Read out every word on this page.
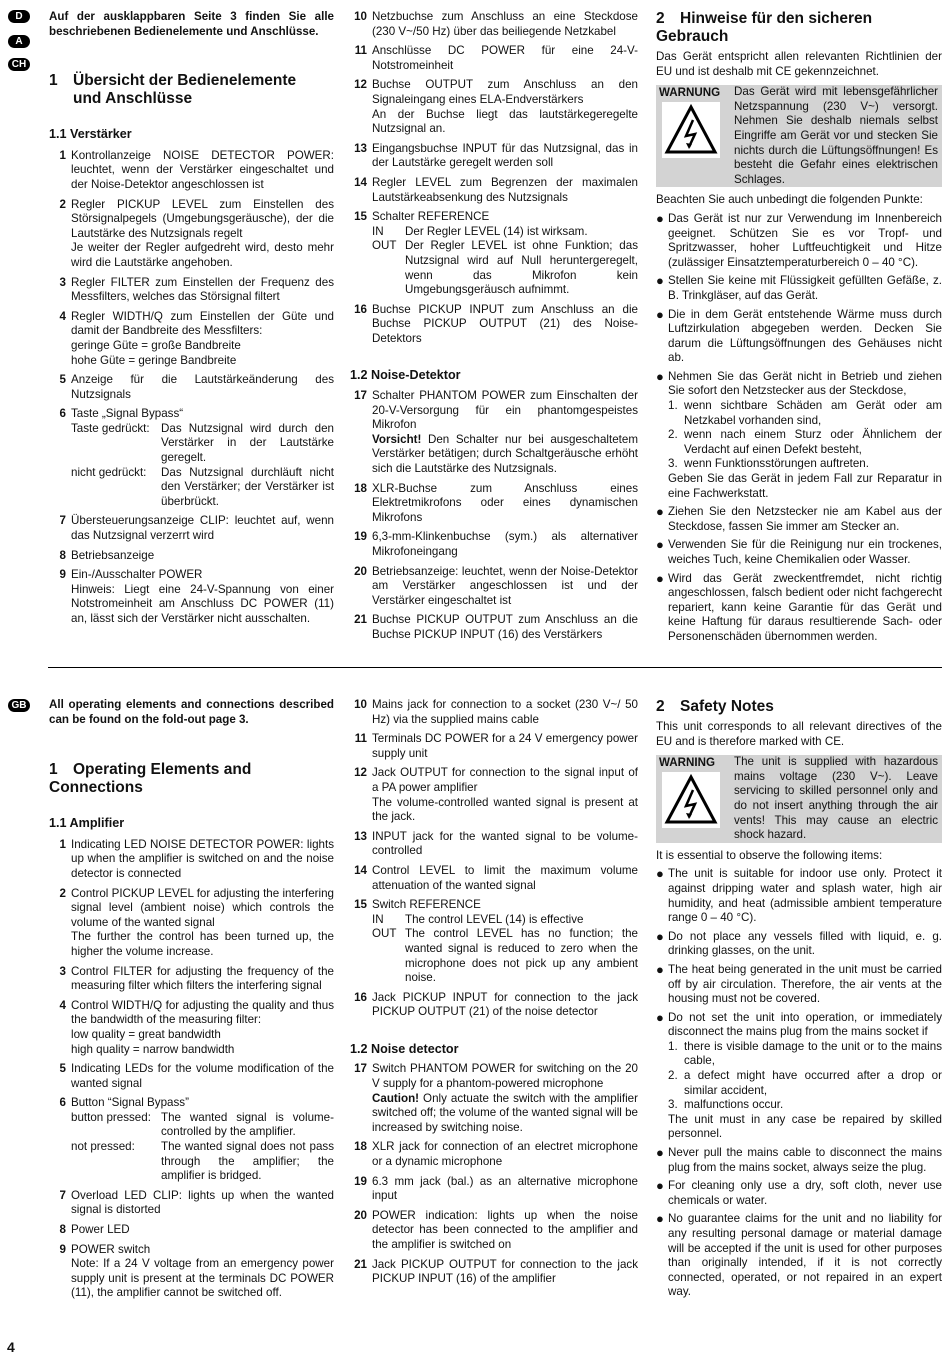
D
A
CH
Auf der ausklappbaren Seite 3 finden Sie alle beschriebenen Bedienelemente und Anschlüsse.
1 Übersicht der Bedienelemente
und Anschlüsse
1.1 Verstärker
1 Kontrollanzeige NOISE DETECTOR POWER: leuchtet, wenn der Verstärker eingeschaltet und der Noise-Detektor angeschlossen ist
2 Regler PICKUP LEVEL zum Einstellen des Störsignalpegels (Umgebungsgeräusche), der die Lautstärke des Nutzsignals regelt
Je weiter der Regler aufgedreht wird, desto mehr wird die Lautstärke angehoben.
3 Regler FILTER zum Einstellen der Frequenz des Messfilters, welches das Störsignal filtert
4 Regler WIDTH/Q zum Einstellen der Güte und damit der Bandbreite des Messfilters:
geringe Güte = große Bandbreite
hohe Güte = geringe Bandbreite
5 Anzeige für die Lautstärkeänderung des Nutzsignals
6 Taste „Signal Bypass“
Taste gedrückt: Das Nutzsignal wird durch den Verstärker in der Lautstärke geregelt.
nicht gedrückt:	Das Nutzsignal durchläuft nicht den Verstärker; der Verstärker ist überbrückt.
7 Übersteuerungsanzeige CLIP: leuchtet auf, wenn das Nutzsignal verzerrt wird
8 Betriebsanzeige
9 Ein-/Ausschalter POWER
Hinweis: Liegt eine 24-V-Spannung von einer Notstromeinheit am Anschluss DC POWER (11) an, lässt sich der Verstärker nicht ausschalten.
10 Netzbuchse zum Anschluss an eine Steckdose (230 V~/50 Hz) über das beiliegende Netzkabel
11 Anschlüsse DC POWER für eine 24-V-Notstromeinheit
12 Buchse OUTPUT zum Anschluss an den Signaleingang eines ELA-Endverstärkers
An der Buchse liegt das lautstärkegeregelte Nutzsignal an.
13 Eingangsbuchse INPUT für das Nutzsignal, das in der Lautstärke geregelt werden soll
14 Regler LEVEL zum Begrenzen der maximalen Lautstärkeabsenkung des Nutzsignals
15 Schalter REFERENCE
IN	Der Regler LEVEL (14) ist wirksam.
OUT Der Regler LEVEL ist ohne Funktion; das Nutzsignal wird auf Null heruntergeregelt, wenn das Mikrofon kein Umgebungsgeräusch aufnimmt.
16 Buchse PICKUP INPUT zum Anschluss an die Buchse PICKUP OUTPUT (21) des Noise-Detektors
1.2 Noise-Detektor
17 Schalter PHANTOM POWER zum Einschalten der 20-V-Versorgung für ein phantomgespeistes Mikrofon
Vorsicht! Den Schalter nur bei ausgeschaltetem Verstärker betätigen; durch Schaltgeräusche erhöht sich die Lautstärke des Nutzsignals.
18 XLR-Buchse zum Anschluss eines Elektretmikrofons oder eines dynamischen Mikrofons
19 6,3-mm-Klinkenbuchse (sym.) als alternativer Mikrofoneingang
20 Betriebsanzeige: leuchtet, wenn der Noise-Detektor am Verstärker angeschlossen ist und der Verstärker eingeschaltet ist
21 Buchse PICKUP OUTPUT zum Anschluss an die Buchse PICKUP INPUT (16) des Verstärkers
2 Hinweise für den sicheren Gebrauch
Das Gerät entspricht allen relevanten Richtlinien der EU und ist deshalb mit CE gekennzeichnet.
WARNUNG	Das Gerät wird mit lebensgefährlicher Netzspannung (230 V~) versorgt. Nehmen Sie deshalb niemals selbst Eingriffe am Gerät vor und stecken Sie nichts durch die Lüftungsöffnungen! Es besteht die Gefahr eines elektrischen Schlages.
Beachten Sie auch unbedingt die folgenden Punkte:
● Das Gerät ist nur zur Verwendung im Innenbereich geeignet. Schützen Sie es vor Tropf- und Spritzwasser, hoher Luftfeuchtigkeit und Hitze (zulässiger Einsatztemperaturbereich 0 – 40 °C).
● Stellen Sie keine mit Flüssigkeit gefüllten Gefäße, z. B. Trinkgläser, auf das Gerät.
● Die in dem Gerät entstehende Wärme muss durch Luftzirkulation abgegeben werden. Decken Sie darum die Lüftungsöffnungen des Gehäuses nicht ab.
● Nehmen Sie das Gerät nicht in Betrieb und ziehen Sie sofort den Netzstecker aus der Steckdose,
1. wenn sichtbare Schäden am Gerät oder am Netzkabel vorhanden sind,
2. wenn nach einem Sturz oder Ähnlichem der Verdacht auf einen Defekt besteht,
3. wenn Funktionsstörungen auftreten.
Geben Sie das Gerät in jedem Fall zur Reparatur in eine Fachwerkstatt.
● Ziehen Sie den Netzstecker nie am Kabel aus der Steckdose, fassen Sie immer am Stecker an.
● Verwenden Sie für die Reinigung nur ein trockenes, weiches Tuch, keine Chemikalien oder Wasser.
● Wird das Gerät zweckentfremdet, nicht richtig angeschlossen, falsch bedient oder nicht fachgerecht repariert, kann keine Garantie für das Gerät und keine Haftung für daraus resultierende Sach- oder Personenschäden übernommen werden.
GB	All operating elements and connections described can be found on the fold-out page 3.
1 Operating Elements and Connections
1.1 Amplifier
1 Indicating LED NOISE DETECTOR POWER: lights up when the amplifier is switched on and the noise detector is connected
2 Control PICKUP LEVEL for adjusting the interfering signal level (ambient noise) which controls the volume of the wanted signal
The further the control has been turned up, the higher the volume increase.
3 Control FILTER for adjusting the frequency of the measuring filter which filters the interfering signal
4 Control WIDTH/Q for adjusting the quality and thus the bandwidth of the measuring filter:
low quality = great bandwidth
high quality = narrow bandwidth
5 Indicating LEDs for the volume modification of the wanted signal
6 Button “Signal Bypass”
button pressed: The wanted signal is volume-controlled by the amplifier.
not pressed:	The wanted signal does not pass through the amplifier; the amplifier is bridged.
7 Overload LED CLIP: lights up when the wanted signal is distorted
8 Power LED
9 POWER switch
Note: If a 24 V voltage from an emergency power supply unit is present at the terminals DC POWER (11), the amplifier cannot be switched off.
10 Mains jack for connection to a socket (230 V~/ 50 Hz) via the supplied mains cable
11 Terminals DC POWER for a 24 V emergency power supply unit
12 Jack OUTPUT for connection to the signal input of a PA power amplifier
The volume-controlled wanted signal is present at the jack.
13 INPUT jack for the wanted signal to be volume-controlled
14 Control LEVEL to limit the maximum volume attenuation of the wanted signal
15 Switch REFERENCE
IN	The control LEVEL (14) is effective
OUT The control LEVEL has no function; the wanted signal is reduced to zero when the microphone does not pick up any ambient noise.
16 Jack PICKUP INPUT for connection to the jack PICKUP OUTPUT (21) of the noise detector
1.2 Noise detector
17 Switch PHANTOM POWER for switching on the 20 V supply for a phantom-powered microphone
Caution! Only actuate the switch with the amplifier switched off; the volume of the wanted signal will be increased by switching noise.
18 XLR jack for connection of an electret microphone or a dynamic microphone
19 6.3 mm jack (bal.) as an alternative microphone input
20 POWER indication: lights up when the noise detector has been connected to the amplifier and the amplifier is switched on
21 Jack PICKUP OUTPUT for connection to the jack PICKUP INPUT (16) of the amplifier
2 Safety Notes
This unit corresponds to all relevant directives of the EU and is therefore marked with CE.
WARNING	The unit is supplied with hazardous mains voltage (230 V~). Leave servicing to skilled personnel only and do not insert anything through the air vents! This may cause an electric shock hazard.
It is essential to observe the following items:
● The unit is suitable for indoor use only. Protect it against dripping water and splash water, high air humidity, and heat (admissible ambient temperature range 0 – 40 °C).
● Do not place any vessels filled with liquid, e. g. drinking glasses, on the unit.
● The heat being generated in the unit must be carried off by air circulation. Therefore, the air vents at the housing must not be covered.
● Do not set the unit into operation, or immediately disconnect the mains plug from the mains socket if
1. there is visible damage to the unit or to the mains cable,
2. a defect might have occurred after a drop or similar accident,
3. malfunctions occur.
The unit must in any case be repaired by skilled personnel.
● Never pull the mains cable to disconnect the mains plug from the mains socket, always seize the plug.
● For cleaning only use a dry, soft cloth, never use chemicals or water.
● No guarantee claims for the unit and no liability for any resulting personal damage or material damage will be accepted if the unit is used for other purposes than originally intended, if it is not correctly connected, operated, or not repaired in an expert way.
4
